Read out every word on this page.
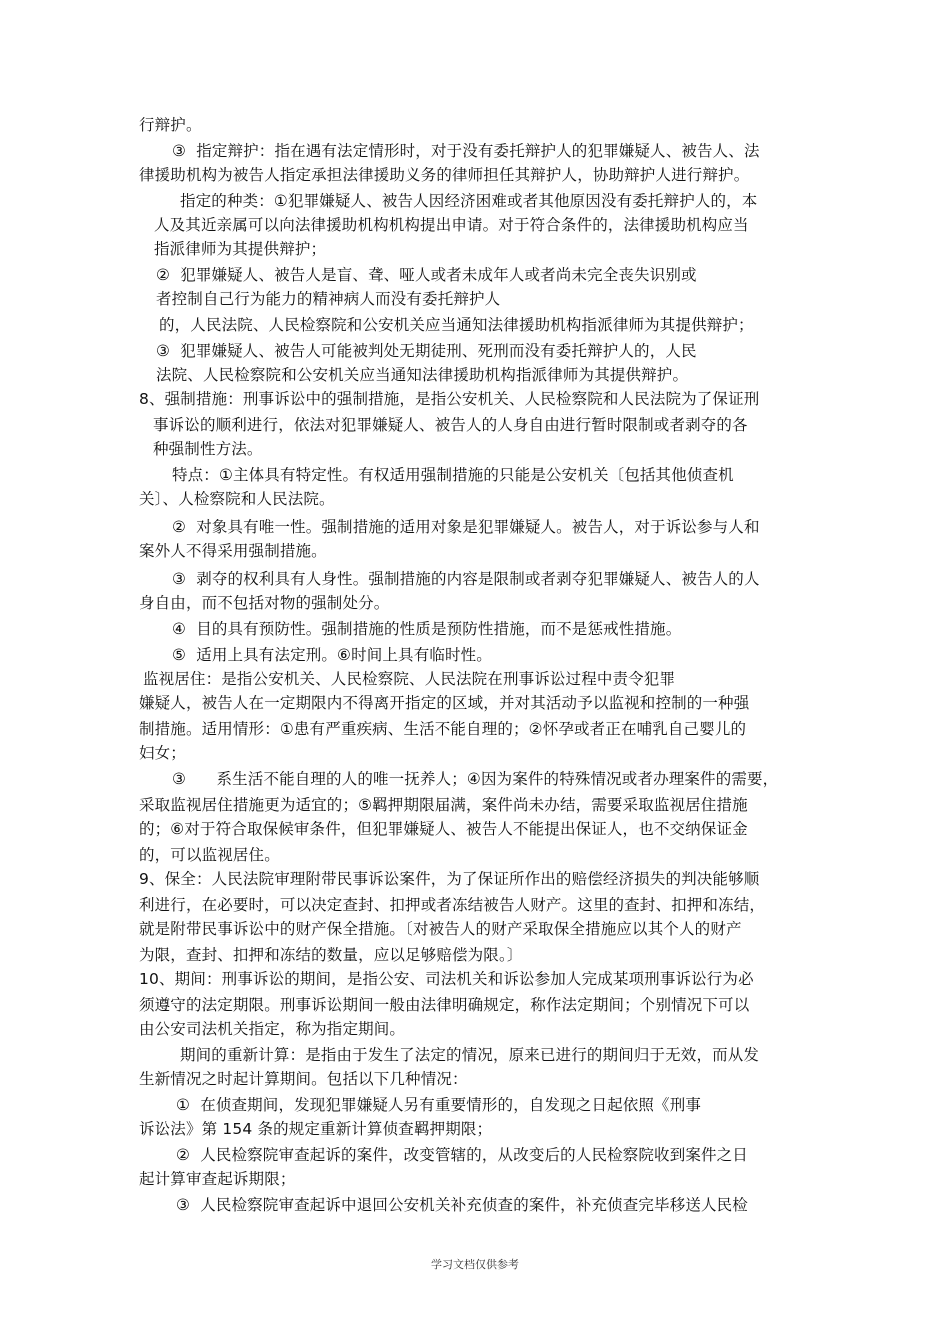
行辩护。
③  指定辩护：指在遇有法定情形时，对于没有委托辩护人的犯罪嫌疑人、被告人、法
律援助机构为被告人指定承担法律援助义务的律师担任其辩护人，协助辩护人进行辩护。
指定的种类：①犯罪嫌疑人、被告人因经济困难或者其他原因没有委托辩护人的，本
人及其近亲属可以向法律援助机构机构提出申请。对于符合条件的，法律援助机构应当
指派律师为其提供辩护；
②  犯罪嫌疑人、被告人是盲、聋、哑人或者未成年人或者尚未完全丧失识别或
者控制自己行为能力的精神病人而没有委托辩护人
的，人民法院、人民检察院和公安机关应当通知法律援助机构指派律师为其提供辩护；
③  犯罪嫌疑人、被告人可能被判处无期徒刑、死刑而没有委托辩护人的，人民
法院、人民检察院和公安机关应当通知法律援助机构指派律师为其提供辩护。
8、强制措施：刑事诉讼中的强制措施，是指公安机关、人民检察院和人民法院为了保证刑
事诉讼的顺利进行，依法对犯罪嫌疑人、被告人的人身自由进行暂时限制或者剥夺的各
种强制性方法。
特点：①主体具有特定性。有权适用强制措施的只能是公安机关〔包括其他侦查机
关〕、人检察院和人民法院。
②  对象具有唯一性。强制措施的适用对象是犯罪嫌疑人。被告人，对于诉讼参与人和
案外人不得采用强制措施。
③  剥夺的权利具有人身性。强制措施的内容是限制或者剥夺犯罪嫌疑人、被告人的人
身自由，而不包括对物的强制处分。
④  目的具有预防性。强制措施的性质是预防性措施，而不是惩戒性措施。
⑤  适用上具有法定刑。⑥时间上具有临时性。
监视居住：是指公安机关、人民检察院、人民法院在刑事诉讼过程中责令犯罪
嫌疑人，被告人在一定期限内不得离开指定的区域，并对其活动予以监视和控制的一种强
制措施。适用情形：①患有严重疾病、生活不能自理的；②怀孕或者正在哺乳自己婴儿的
妇女；
③      系生活不能自理的人的唯一抚养人；④因为案件的特殊情况或者办理案件的需要，
采取监视居住措施更为适宜的；⑤羁押期限届满，案件尚未办结，需要采取监视居住措施
的；⑥对于符合取保候审条件，但犯罪嫌疑人、被告人不能提出保证人，也不交纳保证金
的，可以监视居住。
9、保全：人民法院审理附带民事诉讼案件，为了保证所作出的赔偿经济损失的判决能够顺
利进行，在必要时，可以决定查封、扣押或者冻结被告人财产。这里的查封、扣押和冻结，
就是附带民事诉讼中的财产保全措施。〔对被告人的财产采取保全措施应以其个人的财产
为限，查封、扣押和冻结的数量，应以足够赔偿为限。〕
10、期间：刑事诉讼的期间，是指公安、司法机关和诉讼参加人完成某项刑事诉讼行为必
须遵守的法定期限。刑事诉讼期间一般由法律明确规定，称作法定期间；个别情况下可以
由公安司法机关指定，称为指定期间。
期间的重新计算：是指由于发生了法定的情况，原来已进行的期间归于无效，而从发
生新情况之时起计算期间。包括以下几种情况：
①  在侦查期间，发现犯罪嫌疑人另有重要情形的，自发现之日起依照《刑事
诉讼法》第 154 条的规定重新计算侦查羁押期限；
②  人民检察院审查起诉的案件，改变管辖的，从改变后的人民检察院收到案件之日
起计算审查起诉期限；
③  人民检察院审查起诉中退回公安机关补充侦查的案件，补充侦查完毕移送人民检
学习文档仅供参考
